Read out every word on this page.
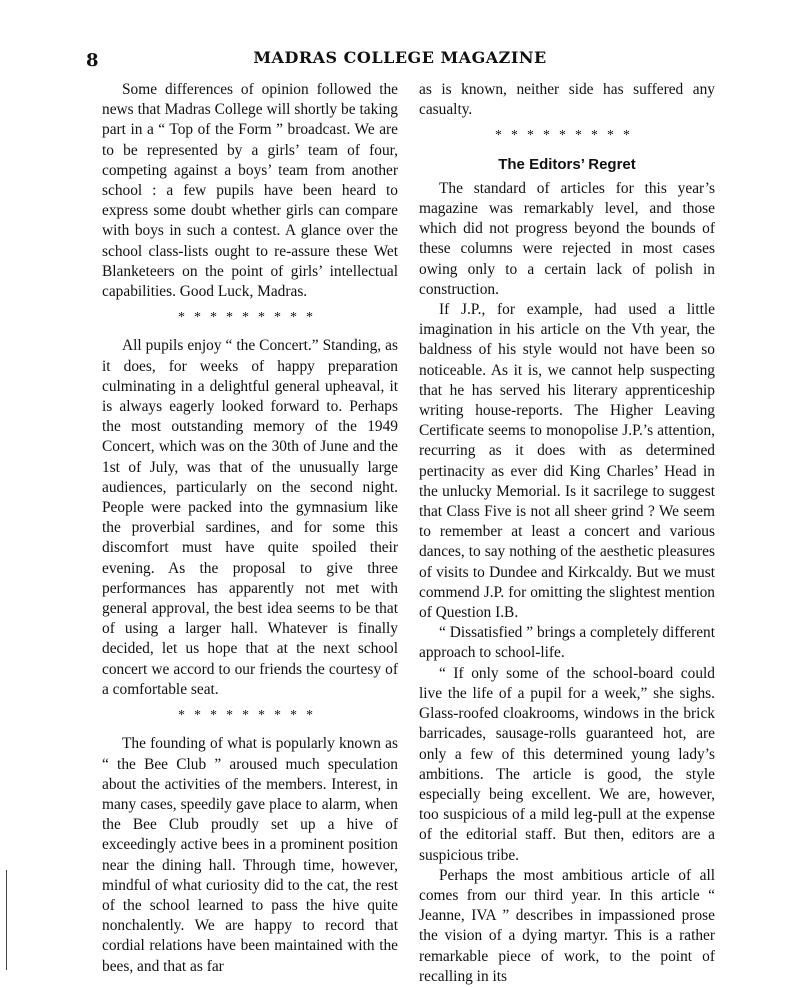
8	MADRAS COLLEGE MAGAZINE

Some differences of opinion followed the news that Madras College will shortly be taking part in a “ Top of the Form ” broadcast. We are to be represented by a girls’ team of four, competing against a boys’ team from another school : a few pupils have been heard to express some doubt whether girls can compare with boys in such a contest. A glance over the school class-lists ought to re-assure these Wet Blanketeers on the point of girls’ intellectual capabilities. Good Luck, Madras.

*********

All pupils enjoy “ the Concert.” Standing, as it does, for weeks of happy preparation culminating in a delightful general upheaval, it is always eagerly looked forward to. Perhaps the most outstanding memory of the 1949 Concert, which was on the 30th of June and the 1st of July, was that of the unusually large audiences, particularly on the second night. People were packed into the gymnasium like the proverbial sardines, and for some this discomfort must have quite spoiled their evening. As the proposal to give three performances has apparently not met with general approval, the best idea seems to be that of using a larger hall. Whatever is finally decided, let us hope that at the next school concert we accord to our friends the courtesy of a comfortable seat.

*********

The founding of what is popularly known as “ the Bee Club ” aroused much speculation about the activities of the members. Interest, in many cases, speedily gave place to alarm, when the Bee Club proudly set up a hive of exceedingly active bees in a prominent position near the dining hall. Through time, however, mindful of what curiosity did to the cat, the rest of the school learned to pass the hive quite nonchalently. We are happy to record that cordial relations have been maintained with the bees, and that as far

as is known, neither side has suffered any casualty.

*********
The Editors’ Regret

The standard of articles for this year’s magazine was remarkably level, and those which did not progress beyond the bounds of these columns were rejected in most cases owing only to a certain lack of polish in construction.

If J.P., for example, had used a little imagination in his article on the Vth year, the baldness of his style would not have been so noticeable. As it is, we cannot help suspecting that he has served his literary apprenticeship writing house-reports. The Higher Leaving Certificate seems to monopolise J.P.’s attention, recurring as it does with as determined pertinacity as ever did King Charles’ Head in the unlucky Memorial. Is it sacrilege to suggest that Class Five is not all sheer grind ? We seem to remember at least a concert and various dances, to say nothing of the aesthetic pleasures of visits to Dundee and Kirkcaldy. But we must commend J.P. for omitting the slightest mention of Question I.B.

“ Dissatisfied ” brings a completely different approach to school-life.

“ If only some of the school-board could live the life of a pupil for a week,” she sighs. Glass-roofed cloakrooms, windows in the brick barricades, sausage-rolls guaranteed hot, are only a few of this determined young lady’s ambitions. The article is good, the style especially being excellent. We are, however, too suspicious of a mild leg-pull at the expense of the editorial staff. But then, editors are a suspicious tribe.

Perhaps the most ambitious article of all comes from our third year. In this article “ Jeanne, IVA ” describes in impassioned prose the vision of a dying martyr. This is a rather remarkable piece of work, to the point of recalling in its
